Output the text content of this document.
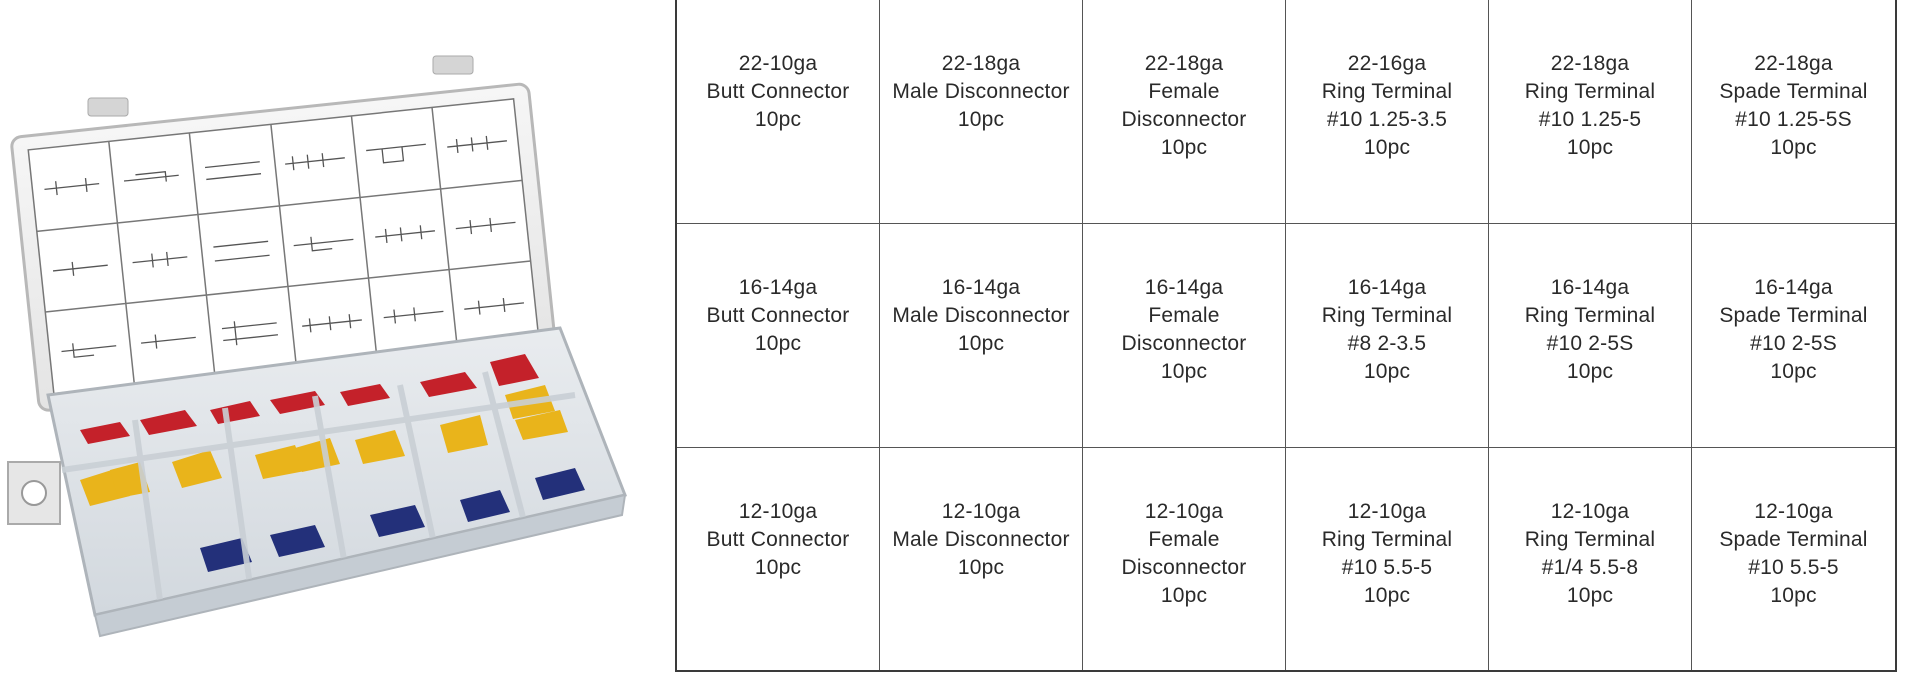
22-10ga
Butt Connector
10pc
22-18ga
Male Disconnector
10pc
22-18ga
Female
Disconnector
10pc
22-16ga
Ring Terminal
#10 1.25-3.5
10pc
22-18ga
Ring Terminal
#10 1.25-5
10pc
22-18ga
Spade Terminal
#10 1.25-5S
10pc
16-14ga
Butt Connector
10pc
16-14ga
Male Disconnector
10pc
16-14ga
Female
Disconnector
10pc
16-14ga
Ring Terminal
#8 2-3.5
10pc
16-14ga
Ring Terminal
#10 2-5S
10pc
16-14ga
Spade Terminal
#10 2-5S
10pc
12-10ga
Butt Connector
10pc
12-10ga
Male Disconnector
10pc
12-10ga
Female
Disconnector
10pc
12-10ga
Ring Terminal
#10 5.5-5
10pc
12-10ga
Ring Terminal
#1/4 5.5-8
10pc
12-10ga
Spade Terminal
#10 5.5-5
10pc
